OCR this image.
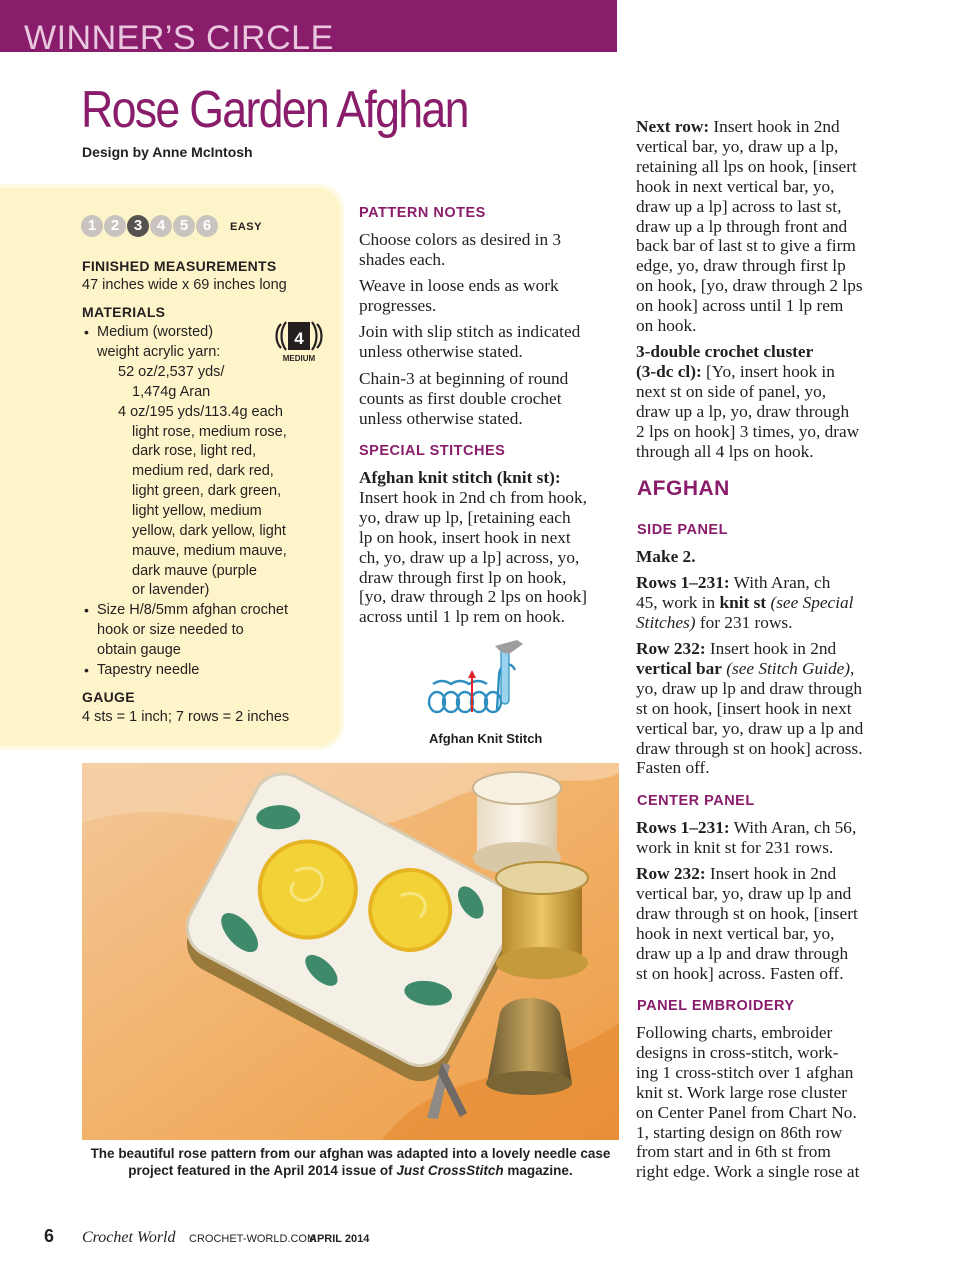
WINNER’S CIRCLE
Rose Garden Afghan
Design by Anne McIntosh
1 2 3 4 5 6	EASY
FINISHED MEASUREMENTS
47 inches wide x 69 inches long
MATERIALS
4
MEDIUM
• Medium (worsted)
weight acrylic yarn:
52 oz/2,537 yds/
1,474g Aran
4 oz/195 yds/113.4g each
light rose, medium rose,
dark rose, light red,
medium red, dark red,
light green, dark green,
light yellow, medium
yellow, dark yellow, light
mauve, medium mauve,
dark mauve (purple
or lavender)
• Size H/8/5mm afghan crochet
hook or size needed to
obtain gauge
• Tapestry needle
GAUGE
4 sts = 1 inch; 7 rows = 2 inches
PATTERN NOTES
Choose colors as desired in 3
shades each.
Weave in loose ends as work
progresses.
Join with slip stitch as indicated
unless otherwise stated.
Chain-3 at beginning of round
counts as first double crochet
unless otherwise stated.
SPECIAL STITCHES
Afghan knit stitch (knit st):
Insert hook in 2nd ch from hook,
yo, draw up lp, [retaining each
lp on hook, insert hook in next
ch, yo, draw up a lp] across, yo,
draw through first lp on hook,
[yo, draw through 2 lps on hook]
across until 1 lp rem on hook.
Afghan Knit Stitch
The beautiful rose pattern from our afghan was adapted into a lovely needle case
project featured in the April 2014 issue of Just CrossStitch magazine.
Next row: Insert hook in 2nd
vertical bar, yo, draw up a lp,
retaining all lps on hook, [insert
hook in next vertical bar, yo,
draw up a lp] across to last st,
draw up a lp through front and
back bar of last st to give a firm
edge, yo, draw through first lp
on hook, [yo, draw through 2 lps
on hook] across until 1 lp rem
on hook.
3-double crochet cluster
(3-dc cl): [Yo, insert hook in
next st on side of panel, yo,
draw up a lp, yo, draw through
2 lps on hook] 3 times, yo, draw
through all 4 lps on hook.
AFGHAN
SIDE PANEL
Make 2.
Rows 1–231: With Aran, ch
45, work in knit st (see Special
Stitches) for 231 rows.
Row 232: Insert hook in 2nd
vertical bar (see Stitch Guide),
yo, draw up lp and draw through
st on hook, [insert hook in next
vertical bar, yo, draw up a lp and
draw through st on hook] across.
Fasten off.
CENTER PANEL
Rows 1–231: With Aran, ch 56,
work in knit st for 231 rows.
Row 232: Insert hook in 2nd
vertical bar, yo, draw up lp and
draw through st on hook, [insert
hook in next vertical bar, yo,
draw up a lp and draw through
st on hook] across. Fasten off.
PANEL EMBROIDERY
Following charts, embroider
designs in cross-stitch, work-
ing 1 cross-stitch over 1 afghan
knit st. Work large rose cluster
on Center Panel from Chart No.
1, starting design on 86th row
from start and in 6th st from
right edge. Work a single rose at
6 Crochet World CROCHET-WORLD.COM
APRIL 2014
